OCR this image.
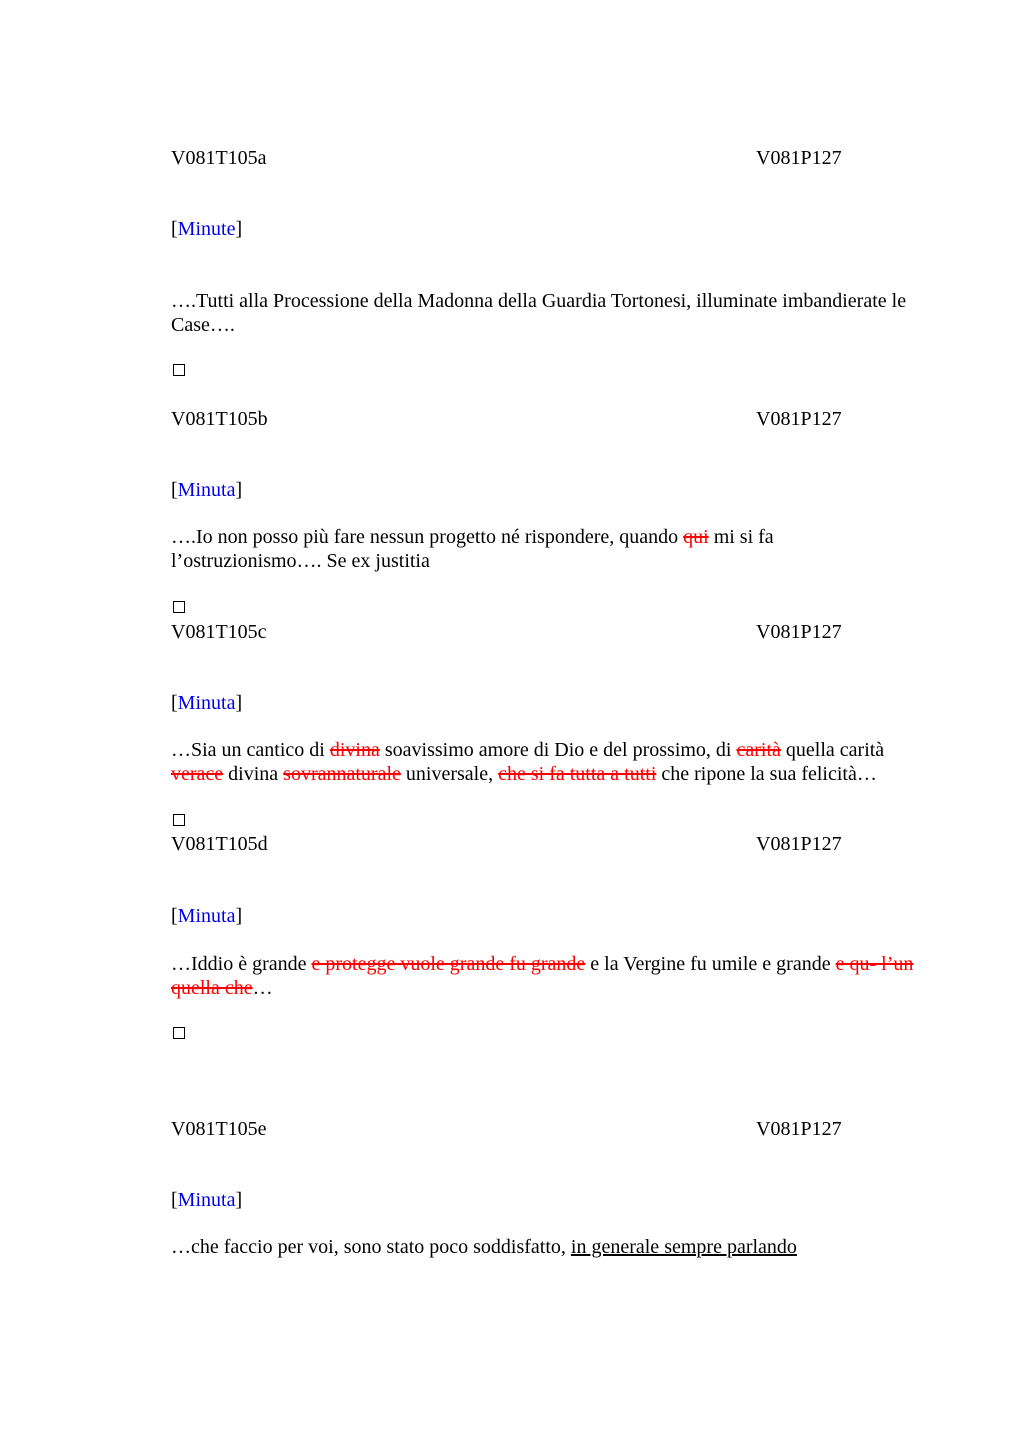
V081T105a	V081P127
[Minute]
….Tutti alla Processione della Madonna della Guardia Tortonesi, illuminate imbandierate le Case….
V081T105b	V081P127
[Minuta]
….Io non posso più fare nessun progetto né rispondere, quando qui mi si fa l’ostruzionismo…. Se ex justitia
V081T105c	V081P127
[Minuta]
…Sia un cantico di divina soavissimo amore di Dio e del prossimo, di carità quella carità
verace divina sovrannaturale universale, che si fa tutta a tutti che ripone la sua felicità…
V081T105d	V081P127
[Minuta]
…Iddio è grande e protegge vuole grande fu grande e la Vergine fu umile e grande e qu- l’un quella che…
V081T105e	V081P127
[Minuta]
…che faccio per voi, sono stato poco soddisfatto, in generale sempre parlando
